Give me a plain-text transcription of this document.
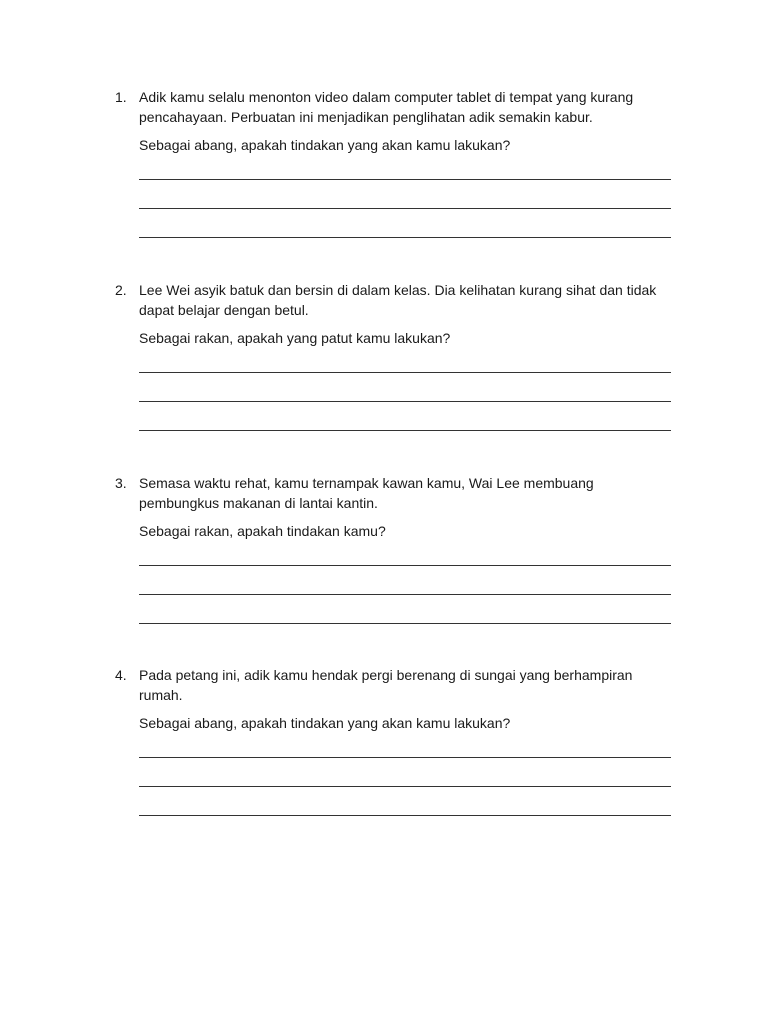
1. Adik kamu selalu menonton video dalam computer tablet di tempat yang kurang pencahayaan. Perbuatan ini menjadikan penglihatan adik semakin kabur.

Sebagai abang, apakah tindakan yang akan kamu lakukan?

2. Lee Wei asyik batuk dan bersin di dalam kelas. Dia kelihatan kurang sihat dan tidak dapat belajar dengan betul.

Sebagai rakan, apakah yang patut kamu lakukan?

3. Semasa waktu rehat, kamu ternampak kawan kamu, Wai Lee membuang pembungkus makanan di lantai kantin.

Sebagai rakan, apakah tindakan kamu?

4. Pada petang ini, adik kamu hendak pergi berenang di sungai yang berhampiran rumah.

Sebagai abang, apakah tindakan yang akan kamu lakukan?
